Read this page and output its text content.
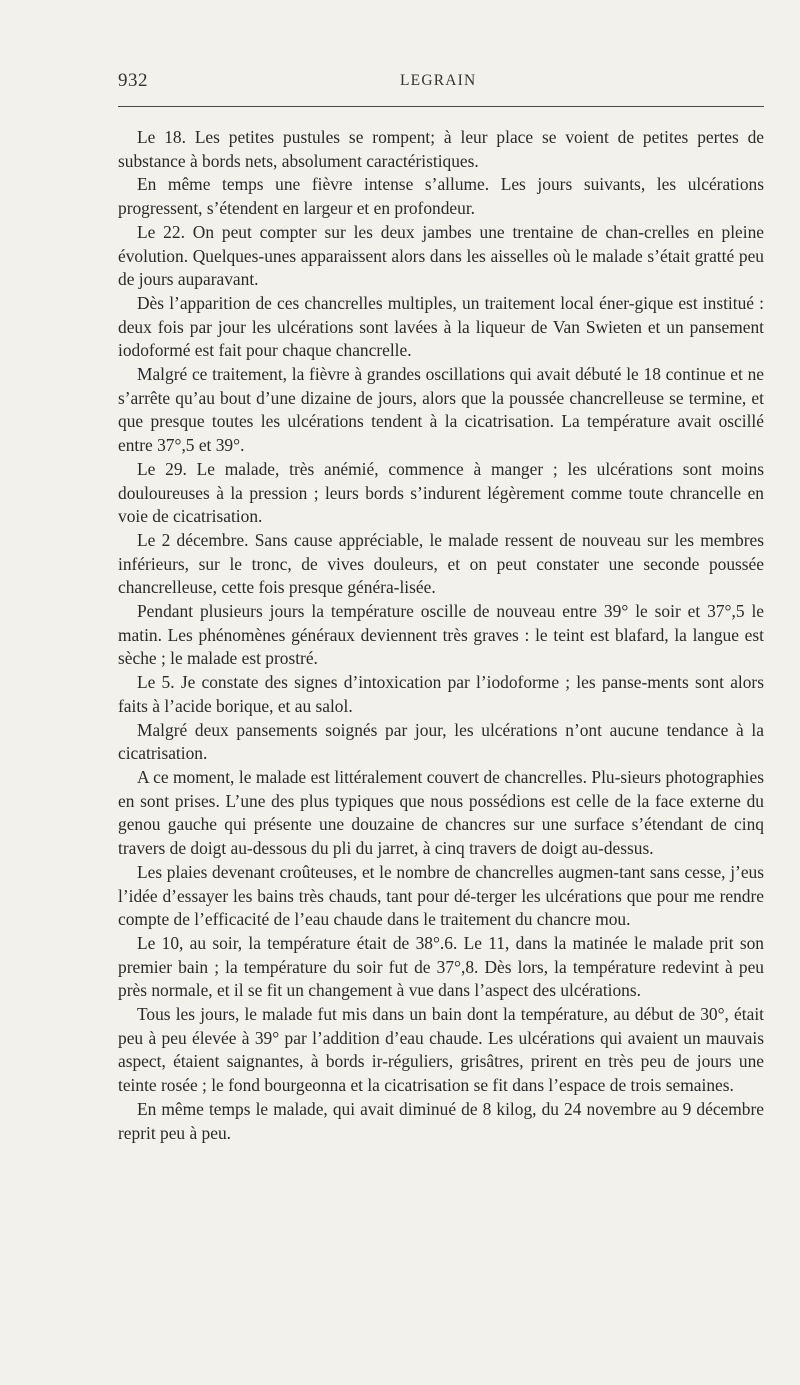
932	LEGRAIN

Le 18. Les petites pustules se rompent; à leur place se voient de petites pertes de substance à bords nets, absolument caractéristiques.

En même temps une fièvre intense s’allume. Les jours suivants, les ulcérations progressent, s’étendent en largeur et en profondeur.

Le 22. On peut compter sur les deux jambes une trentaine de chan-crelles en pleine évolution. Quelques-unes apparaissent alors dans les aisselles où le malade s’était gratté peu de jours auparavant.

Dès l’apparition de ces chancrelles multiples, un traitement local éner-gique est institué : deux fois par jour les ulcérations sont lavées à la liqueur de Van Swieten et un pansement iodoformé est fait pour chaque chancrelle.

Malgré ce traitement, la fièvre à grandes oscillations qui avait débuté le 18 continue et ne s’arrête qu’au bout d’une dizaine de jours, alors que la poussée chancrelleuse se termine, et que presque toutes les ulcérations tendent à la cicatrisation. La température avait oscillé entre 37°,5 et 39°.

Le 29. Le malade, très anémié, commence à manger ; les ulcérations sont moins douloureuses à la pression ; leurs bords s’indurent légèrement comme toute chrancelle en voie de cicatrisation.

Le 2 décembre. Sans cause appréciable, le malade ressent de nouveau sur les membres inférieurs, sur le tronc, de vives douleurs, et on peut constater une seconde poussée chancrelleuse, cette fois presque généra-lisée.

Pendant plusieurs jours la température oscille de nouveau entre 39° le soir et 37°,5 le matin. Les phénomènes généraux deviennent très graves : le teint est blafard, la langue est sèche ; le malade est prostré.

Le 5. Je constate des signes d’intoxication par l’iodoforme ; les panse-ments sont alors faits à l’acide borique, et au salol.

Malgré deux pansements soignés par jour, les ulcérations n’ont aucune tendance à la cicatrisation.

A ce moment, le malade est littéralement couvert de chancrelles. Plu-sieurs photographies en sont prises. L’une des plus typiques que nous possédions est celle de la face externe du genou gauche qui présente une douzaine de chancres sur une surface s’étendant de cinq travers de doigt au-dessous du pli du jarret, à cinq travers de doigt au-dessus.

Les plaies devenant croûteuses, et le nombre de chancrelles augmen-tant sans cesse, j’eus l’idée d’essayer les bains très chauds, tant pour dé-terger les ulcérations que pour me rendre compte de l’efficacité de l’eau chaude dans le traitement du chancre mou.

Le 10, au soir, la température était de 38°.6. Le 11, dans la matinée le malade prit son premier bain ; la température du soir fut de 37°,8. Dès lors, la température redevint à peu près normale, et il se fit un changement à vue dans l’aspect des ulcérations.

Tous les jours, le malade fut mis dans un bain dont la température, au début de 30°, était peu à peu élevée à 39° par l’addition d’eau chaude. Les ulcérations qui avaient un mauvais aspect, étaient saignantes, à bords ir-réguliers, grisâtres, prirent en très peu de jours une teinte rosée ; le fond bourgeonna et la cicatrisation se fit dans l’espace de trois semaines.

En même temps le malade, qui avait diminué de 8 kilog, du 24 novembre au 9 décembre reprit peu à peu.
